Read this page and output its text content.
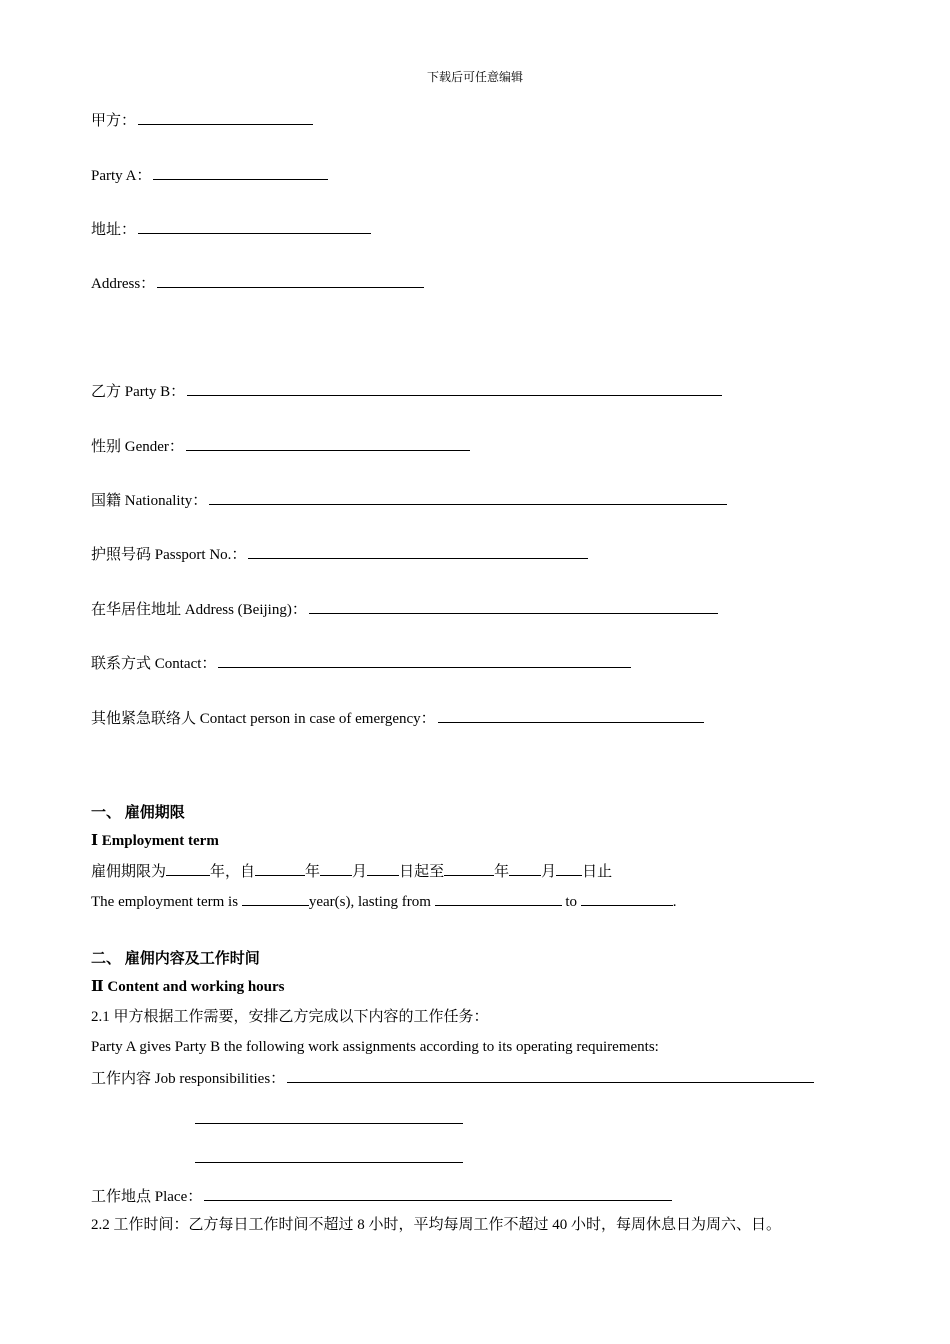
下载后可任意编辑
甲方：
Party A：
地址：
Address：
乙方 Party B：
性别 Gender：
国籍 Nationality：
护照号码 Passport No.：
在华居住地址 Address (Beijing)：
联系方式 Contact：
其他紧急联络人 Contact person in case of emergency：
一、 雇佣期限
Ⅰ Employment term
雇佣期限为	年，自	年 月 日起至	年 月 日止
The employment term is	year(s), lasting from	to	.
二、 雇佣内容及工作时间
Ⅱ Content and working hours
2.1 甲方根据工作需要，安排乙方完成以下内容的工作任务：
Party A gives Party B the following work assignments according to its operating requirements:
工作内容 Job responsibilities：
工作地点 Place：
2.2 工作时间：乙方每日工作时间不超过 8 小时，平均每周工作不超过 40 小时，每周休息日为周六、日。
